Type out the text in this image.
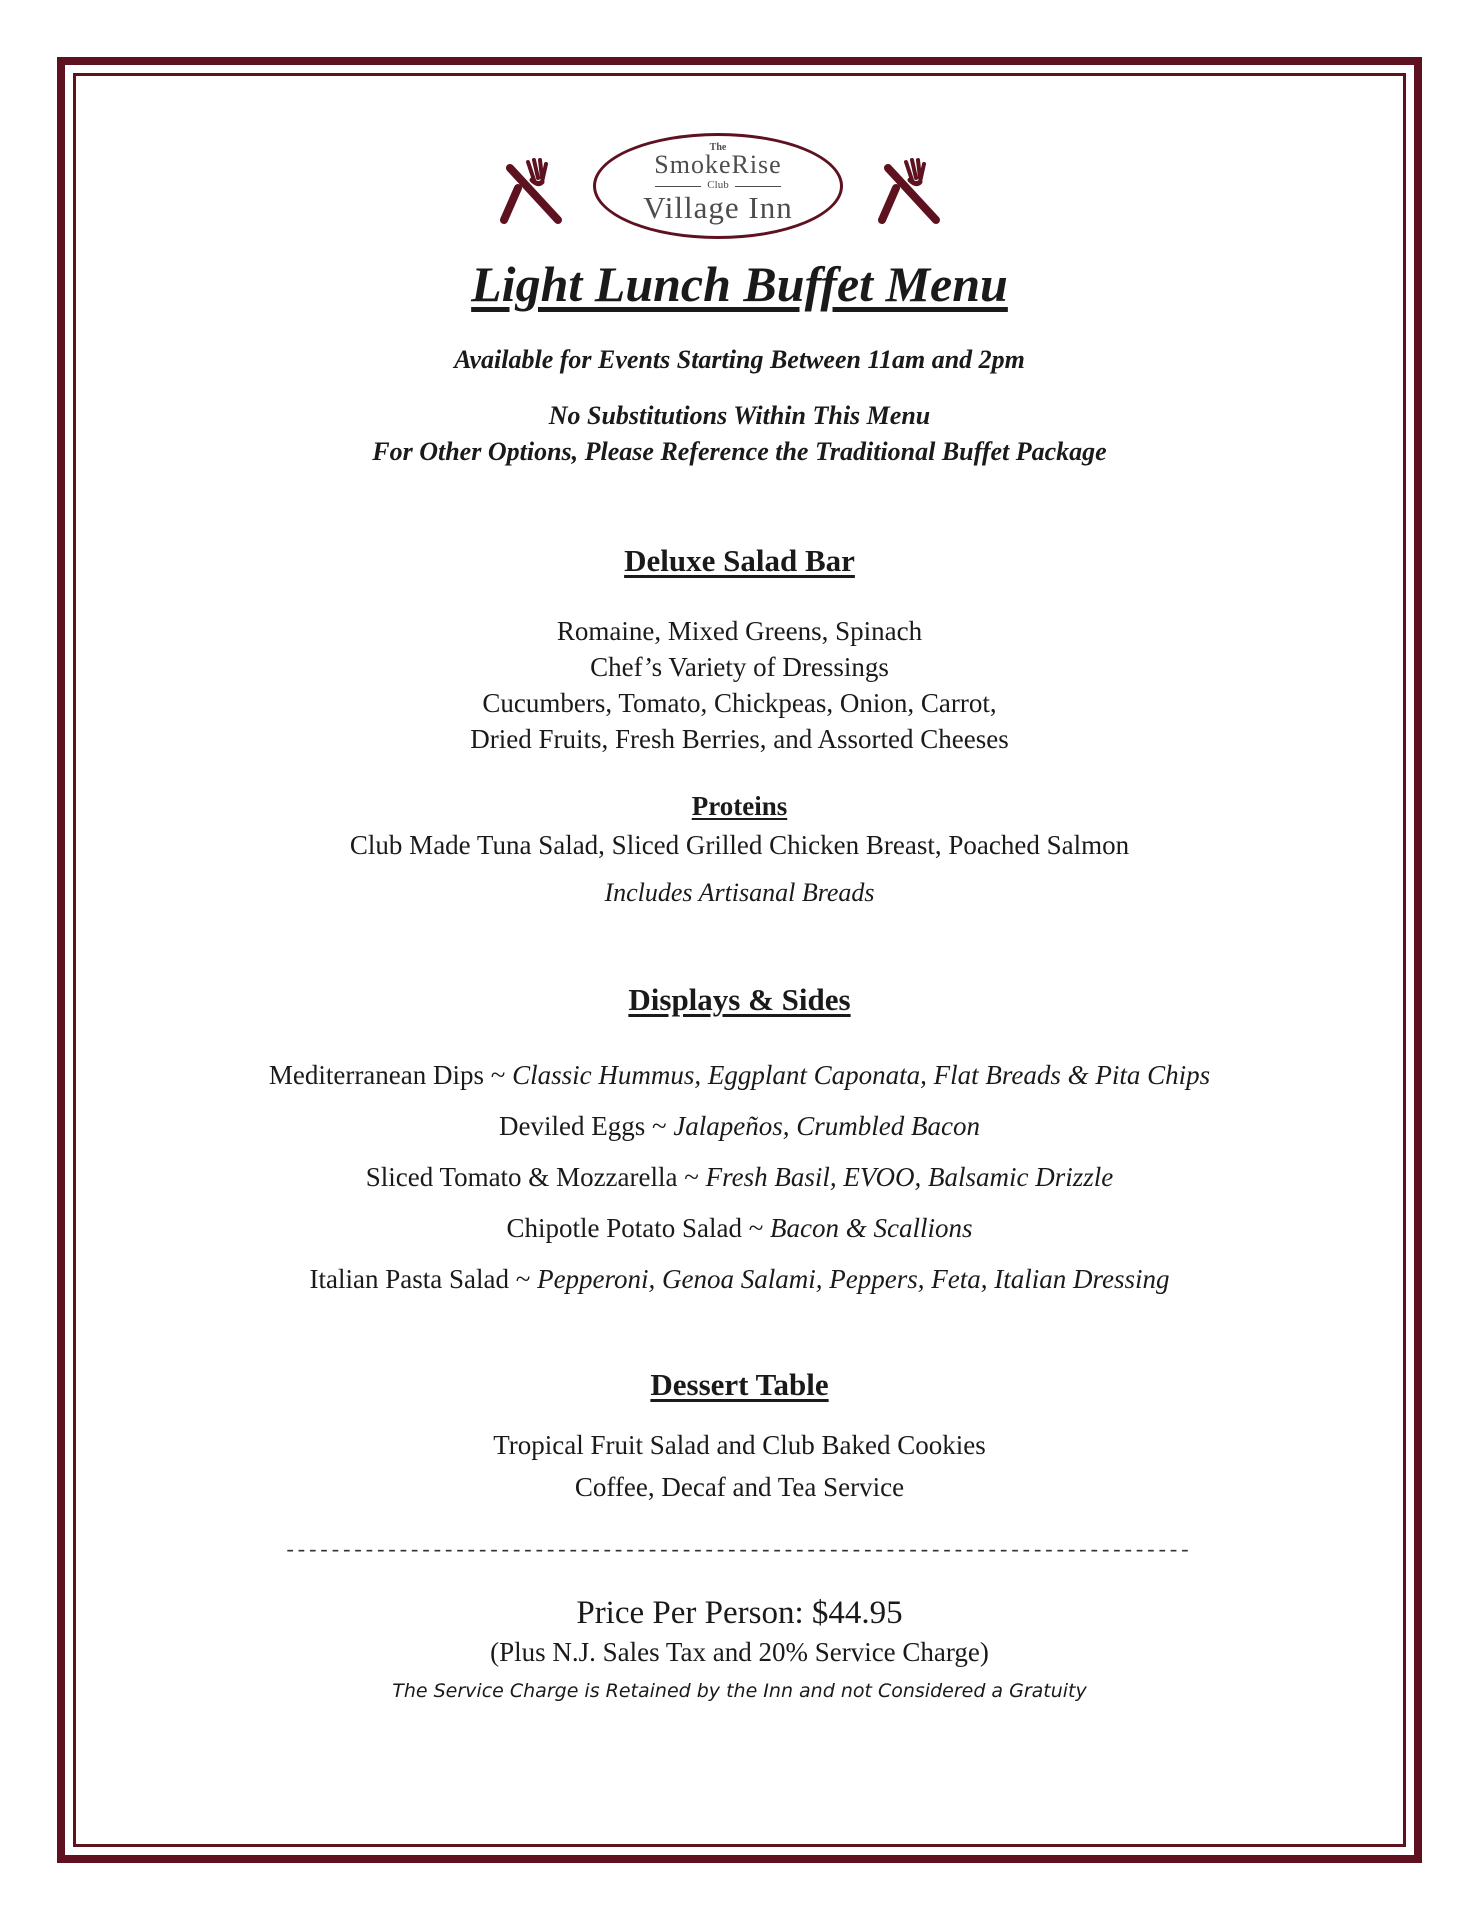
The
SmokeRise
Club
Village Inn
Light Lunch Buffet Menu
Available for Events Starting Between 11am and 2pm
No Substitutions Within This Menu
For Other Options, Please Reference the Traditional Buffet Package
Deluxe Salad Bar
Romaine, Mixed Greens, Spinach
Chef’s Variety of Dressings
Cucumbers, Tomato, Chickpeas, Onion, Carrot,
Dried Fruits, Fresh Berries, and Assorted Cheeses
Proteins
Club Made Tuna Salad, Sliced Grilled Chicken Breast, Poached Salmon
Includes Artisanal Breads
Displays & Sides
Mediterranean Dips ~ Classic Hummus, Eggplant Caponata, Flat Breads & Pita Chips
Deviled Eggs ~ Jalapeños, Crumbled Bacon
Sliced Tomato & Mozzarella ~ Fresh Basil, EVOO, Balsamic Drizzle
Chipotle Potato Salad ~ Bacon & Scallions
Italian Pasta Salad ~ Pepperoni, Genoa Salami, Peppers, Feta, Italian Dressing
Dessert Table
Tropical Fruit Salad and Club Baked Cookies
Coffee, Decaf and Tea Service
--------------------------------------------------------------------------------
Price Per Person: $44.95
(Plus N.J. Sales Tax and 20% Service Charge)
The Service Charge is Retained by the Inn and not Considered a Gratuity
